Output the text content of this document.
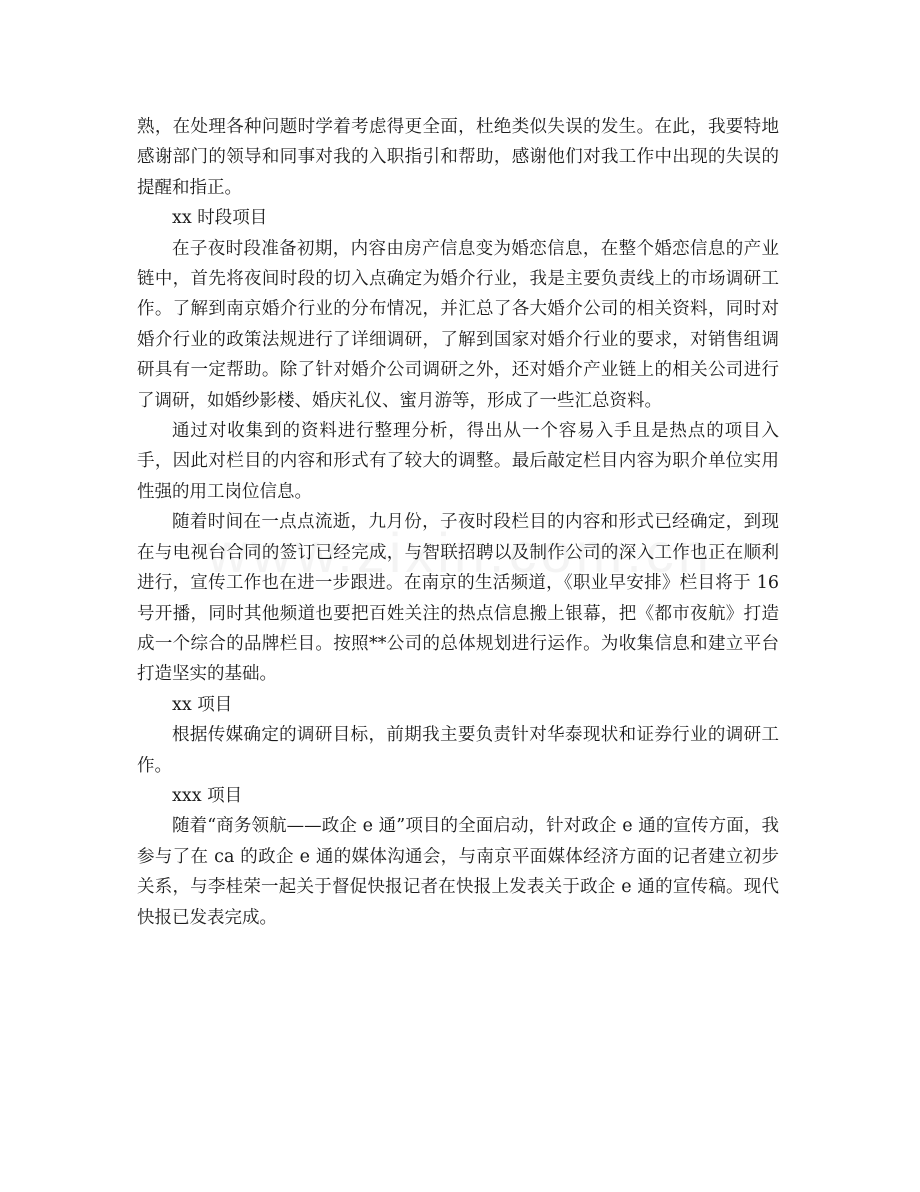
熟，在处理各种问题时学着考虑得更全面，杜绝类似失误的发生。在此，我要特地感谢部门的领导和同事对我的入职指引和帮助，感谢他们对我工作中出现的失误的提醒和指正。

xx 时段项目

在子夜时段准备初期，内容由房产信息变为婚恋信息，在整个婚恋信息的产业链中，首先将夜间时段的切入点确定为婚介行业，我是主要负责线上的市场调研工作。了解到南京婚介行业的分布情况，并汇总了各大婚介公司的相关资料，同时对婚介行业的政策法规进行了详细调研，了解到国家对婚介行业的要求，对销售组调研具有一定帮助。除了针对婚介公司调研之外，还对婚介产业链上的相关公司进行了调研，如婚纱影楼、婚庆礼仪、蜜月游等，形成了一些汇总资料。

通过对收集到的资料进行整理分析，得出从一个容易入手且是热点的项目入手，因此对栏目的内容和形式有了较大的调整。最后敲定栏目内容为职介单位实用性强的用工岗位信息。

随着时间在一点点流逝，九月份，子夜时段栏目的内容和形式已经确定，到现在与电视台合同的签订已经完成，与智联招聘以及制作公司的深入工作也正在顺利进行，宣传工作也在进一步跟进。在南京的生活频道，《职业早安排》栏目将于 16 号开播，同时其他频道也要把百姓关注的热点信息搬上银幕，把《都市夜航》打造成一个综合的品牌栏目。按照**公司的总体规划进行运作。为收集信息和建立平台打造坚实的基础。

xx 项目

根据传媒确定的调研目标，前期我主要负责针对华泰现状和证券行业的调研工作。

xxx 项目

随着“商务领航——政企 e 通”项目的全面启动，针对政企 e 通的宣传方面，我参与了在 ca 的政企 e 通的媒体沟通会，与南京平面媒体经济方面的记者建立初步关系，与李桂荣一起关于督促快报记者在快报上发表关于政企 e 通的宣传稿。现代快报已发表完成。
